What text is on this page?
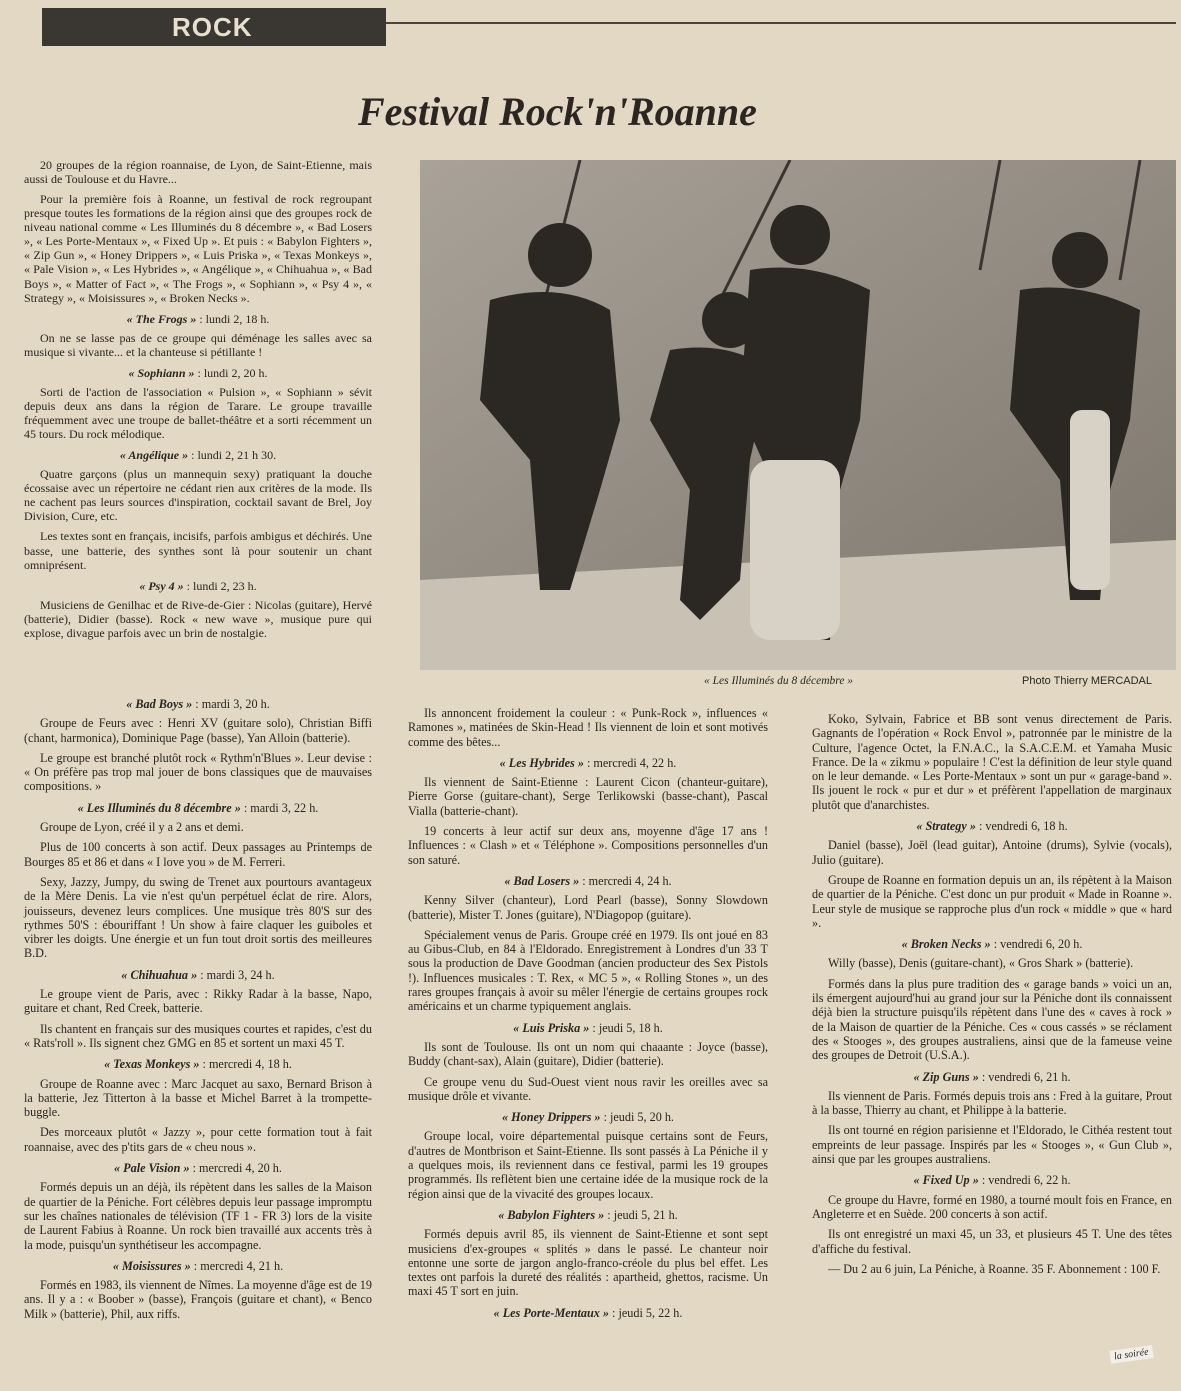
ROCK
Festival Rock'n'Roanne
« Les Illuminés du 8 décembre »	Photo Thierry MERCADAL

20 groupes de la région roannaise, de Lyon, de Saint-Etienne, mais aussi de Toulouse et du Havre...

Pour la première fois à Roanne, un festival de rock regroupant presque toutes les formations de la région ainsi que des groupes rock de niveau national comme « Les Illuminés du 8 décembre », « Bad Losers », « Les Porte-Mentaux », « Fixed Up ». Et puis : « Babylon Fighters », « Zip Gun », « Honey Drippers », « Luis Priska », « Texas Monkeys », « Pale Vision », « Les Hybrides », « Angélique », « Chihuahua », « Bad Boys », « Matter of Fact », « The Frogs », « Sophiann », « Psy 4 », « Strategy », « Moisissures », « Broken Necks ».

« The Frogs » : lundi 2, 18 h.

On ne se lasse pas de ce groupe qui déménage les salles avec sa musique si vivante... et la chanteuse si pétillante !

« Sophiann » : lundi 2, 20 h.

Sorti de l'action de l'association « Pulsion », « Sophiann » sévit depuis deux ans dans la région de Tarare. Le groupe travaille fréquemment avec une troupe de ballet-théâtre et a sorti récemment un 45 tours. Du rock mélodique.

« Angélique » : lundi 2, 21 h 30.

Quatre garçons (plus un mannequin sexy) pratiquant la douche écossaise avec un répertoire ne cédant rien aux critères de la mode. Ils ne cachent pas leurs sources d'inspiration, cocktail savant de Brel, Joy Division, Cure, etc.

Les textes sont en français, incisifs, parfois ambigus et déchirés. Une basse, une batterie, des synthes sont là pour soutenir un chant omniprésent.

« Psy 4 » : lundi 2, 23 h.

Musiciens de Genilhac et de Rive-de-Gier : Nicolas (guitare), Hervé (batterie), Didier (basse). Rock « new wave », musique pure qui explose, divague parfois avec un brin de nostalgie.

« Bad Boys » : mardi 3, 20 h.

Groupe de Feurs avec : Henri XV (guitare solo), Christian Biffi (chant, harmonica), Dominique Page (basse), Yan Alloin (batterie).

Le groupe est branché plutôt rock « Rythm'n'Blues ». Leur devise : « On préfère pas trop mal jouer de bons classiques que de mauvaises compositions. »

« Les Illuminés du 8 décembre » : mardi 3, 22 h.

Groupe de Lyon, créé il y a 2 ans et demi.

Plus de 100 concerts à son actif. Deux passages au Printemps de Bourges 85 et 86 et dans « I love you » de M. Ferreri.

Sexy, Jazzy, Jumpy, du swing de Trenet aux pourtours avantageux de la Mère Denis. La vie n'est qu'un perpétuel éclat de rire. Alors, jouisseurs, devenez leurs complices. Une musique très 80'S sur des rythmes 50'S : ébouriffant ! Un show à faire claquer les guiboles et vibrer les doigts. Une énergie et un fun tout droit sortis des meilleures B.D.

« Chihuahua » : mardi 3, 24 h.

Le groupe vient de Paris, avec : Rikky Radar à la basse, Napo, guitare et chant, Red Creek, batterie.

Ils chantent en français sur des musiques courtes et rapides, c'est du « Rats'roll ». Ils signent chez GMG en 85 et sortent un maxi 45 T.

« Texas Monkeys » : mercredi 4, 18 h.

Groupe de Roanne avec : Marc Jacquet au saxo, Bernard Brison à la batterie, Jez Titterton à la basse et Michel Barret à la trompette-buggle.

Des morceaux plutôt « Jazzy », pour cette formation tout à fait roannaise, avec des p'tits gars de « cheu nous ».

« Pale Vision » : mercredi 4, 20 h.

Formés depuis un an déjà, ils répètent dans les salles de la Maison de quartier de la Péniche. Fort célèbres depuis leur passage impromptu sur les chaînes nationales de télévision (TF 1 - FR 3) lors de la visite de Laurent Fabius à Roanne. Un rock bien travaillé aux accents très à la mode, puisqu'un synthétiseur les accompagne.

« Moisissures » : mercredi 4, 21 h.

Formés en 1983, ils viennent de Nîmes. La moyenne d'âge est de 19 ans. Il y a : « Boober » (basse), François (guitare et chant), « Benco Milk » (batterie), Phil, aux riffs.

Ils annoncent froidement la couleur : « Punk-Rock », influences « Ramones », matinées de Skin-Head ! Ils viennent de loin et sont motivés comme des bêtes...

« Les Hybrides » : mercredi 4, 22 h.

Ils viennent de Saint-Etienne : Laurent Cicon (chanteur-guitare), Pierre Gorse (guitare-chant), Serge Terlikowski (basse-chant), Pascal Vialla (batterie-chant).

19 concerts à leur actif sur deux ans, moyenne d'âge 17 ans ! Influences : « Clash » et « Téléphone ». Compositions personnelles d'un son saturé.

« Bad Losers » : mercredi 4, 24 h.

Kenny Silver (chanteur), Lord Pearl (basse), Sonny Slowdown (batterie), Mister T. Jones (guitare), N'Diagopop (guitare).

Spécialement venus de Paris. Groupe créé en 1979. Ils ont joué en 83 au Gibus-Club, en 84 à l'Eldorado. Enregistrement à Londres d'un 33 T sous la production de Dave Goodman (ancien producteur des Sex Pistols !). Influences musicales : T. Rex, « MC 5 », « Rolling Stones », un des rares groupes français à avoir su mêler l'énergie de certains groupes rock américains et un charme typiquement anglais.

« Luis Priska » : jeudi 5, 18 h.

Ils sont de Toulouse. Ils ont un nom qui chaaante : Joyce (basse), Buddy (chant-sax), Alain (guitare), Didier (batterie).

Ce groupe venu du Sud-Ouest vient nous ravir les oreilles avec sa musique drôle et vivante.

« Honey Drippers » : jeudi 5, 20 h.

Groupe local, voire départemental puisque certains sont de Feurs, d'autres de Montbrison et Saint-Etienne. Ils sont passés à La Péniche il y a quelques mois, ils reviennent dans ce festival, parmi les 19 groupes programmés. Ils reflètent bien une certaine idée de la musique rock de la région ainsi que de la vivacité des groupes locaux.

« Babylon Fighters » : jeudi 5, 21 h.

Formés depuis avril 85, ils viennent de Saint-Etienne et sont sept musiciens d'ex-groupes « splités » dans le passé. Le chanteur noir entonne une sorte de jargon anglo-franco-créole du plus bel effet. Les textes ont parfois la dureté des réalités : apartheid, ghettos, racisme. Un maxi 45 T sort en juin.

« Les Porte-Mentaux » : jeudi 5, 22 h.

Koko, Sylvain, Fabrice et BB sont venus directement de Paris. Gagnants de l'opération « Rock Envol », patronnée par le ministre de la Culture, l'agence Octet, la F.N.A.C., la S.A.C.E.M. et Yamaha Music France. De la « zikmu » populaire ! C'est la définition de leur style quand on le leur demande. « Les Porte-Mentaux » sont un pur « garage-band ». Ils jouent le rock « pur et dur » et préfèrent l'appellation de marginaux plutôt que d'anarchistes.

« Strategy » : vendredi 6, 18 h.

Daniel (basse), Joël (lead guitar), Antoine (drums), Sylvie (vocals), Julio (guitare).

Groupe de Roanne en formation depuis un an, ils répètent à la Maison de quartier de la Péniche. C'est donc un pur produit « Made in Roanne ». Leur style de musique se rapproche plus d'un rock « middle » que « hard ».

« Broken Necks » : vendredi 6, 20 h.

Willy (basse), Denis (guitare-chant), « Gros Shark » (batterie).

Formés dans la plus pure tradition des « garage bands » voici un an, ils émergent aujourd'hui au grand jour sur la Péniche dont ils connaissent déjà bien la structure puisqu'ils répètent dans l'une des « caves à rock » de la Maison de quartier de la Péniche. Ces « cous cassés » se réclament des « Stooges », des groupes australiens, ainsi que de la fameuse veine des groupes de Detroit (U.S.A.).

« Zip Guns » : vendredi 6, 21 h.

Ils viennent de Paris. Formés depuis trois ans : Fred à la guitare, Prout à la basse, Thierry au chant, et Philippe à la batterie.

Ils ont tourné en région parisienne et l'Eldorado, le Cithéa restent tout empreints de leur passage. Inspirés par les « Stooges », « Gun Club », ainsi que par les groupes australiens.

« Fixed Up » : vendredi 6, 22 h.

Ce groupe du Havre, formé en 1980, a tourné moult fois en France, en Angleterre et en Suède. 200 concerts à son actif.

Ils ont enregistré un maxi 45, un 33, et plusieurs 45 T. Une des têtes d'affiche du festival.

— Du 2 au 6 juin, La Péniche, à Roanne. 35 F. Abonnement : 100 F.

la soirée
